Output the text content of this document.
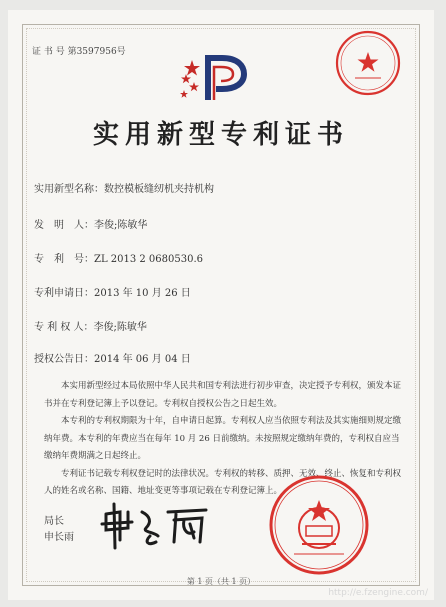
证 书 号 第3597956号
实用新型专利证书
实用新型名称：数控模板缝纫机夹持机构
发　明　人：李俊;陈敏华
专　利　号：ZL 2013 2 0680530.6
专利申请日：2013 年 10 月 26 日
专 利 权 人：李俊;陈敏华
授权公告日：2014 年 06 月 04 日

本实用新型经过本局依照中华人民共和国专利法进行初步审查，决定授予专利权，颁发本证书并在专利登记簿上予以登记。专利权自授权公告之日起生效。

本专利的专利权期限为十年，自申请日起算。专利权人应当依照专利法及其实施细则规定缴纳年费。本专利的年费应当在每年 10 月 26 日前缴纳。未按照规定缴纳年费的，专利权自应当缴纳年费期满之日起终止。

专利证书记载专利权登记时的法律状况。专利权的转移、质押、无效、终止、恢复和专利权人的姓名或名称、国籍、地址变更等事项记载在专利登记簿上。

局长
申长雨
第 1 页（共 1 页）
http://e.fzengine.com/
